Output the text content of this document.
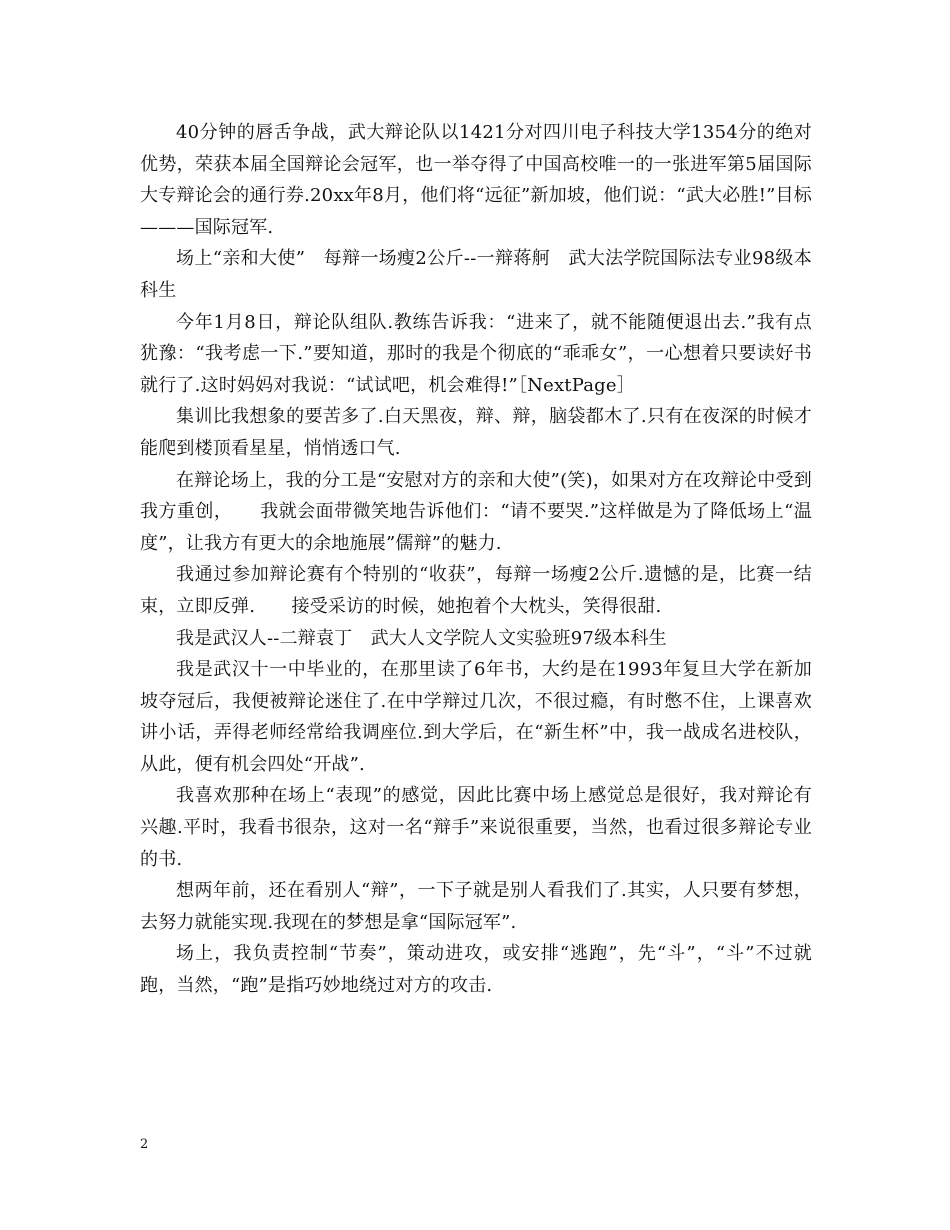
40分钟的唇舌争战，武大辩论队以1421分对四川电子科技大学1354分的绝对优势，荣获本届全国辩论会冠军，也一举夺得了中国高校唯一的一张进军第5届国际大专辩论会的通行券.20xx年8月，他们将“远征”新加坡，他们说：“武大必胜!”目标———国际冠军.

场上“亲和大使”　每辩一场瘦2公斤--一辩蒋舸　武大法学院国际法专业98级本科生

今年1月8日，辩论队组队.教练告诉我：“进来了，就不能随便退出去.”我有点犹豫：“我考虑一下.”要知道，那时的我是个彻底的“乖乖女”，一心想着只要读好书就行了.这时妈妈对我说：“试试吧，机会难得!”［NextPage］

集训比我想象的要苦多了.白天黑夜，辩、辩，脑袋都木了.只有在夜深的时候才能爬到楼顶看星星，悄悄透口气.

在辩论场上，我的分工是“安慰对方的亲和大使”(笑)，如果对方在攻辩论中受到我方重创，　　我就会面带微笑地告诉他们：“请不要哭.”这样做是为了降低场上“温度”，让我方有更大的余地施展”儒辩”的魅力.

我通过参加辩论赛有个特别的“收获”，每辩一场瘦2公斤.遗憾的是，比赛一结束，立即反弹.　　接受采访的时候，她抱着个大枕头，笑得很甜.

我是武汉人--二辩袁丁　武大人文学院人文实验班97级本科生

我是武汉十一中毕业的，在那里读了6年书，大约是在1993年复旦大学在新加坡夺冠后，我便被辩论迷住了.在中学辩过几次，不很过瘾，有时憋不住，上课喜欢讲小话，弄得老师经常给我调座位.到大学后，在“新生杯”中，我一战成名进校队，从此，便有机会四处“开战”.

我喜欢那种在场上“表现”的感觉，因此比赛中场上感觉总是很好，我对辩论有兴趣.平时，我看书很杂，这对一名“辩手”来说很重要，当然，也看过很多辩论专业的书.

想两年前，还在看别人“辩”，一下子就是别人看我们了.其实，人只要有梦想，去努力就能实现.我现在的梦想是拿“国际冠军”.

场上，我负责控制“节奏”，策动进攻，或安排“逃跑”，先“斗”，“斗”不过就跑，当然，“跑”是指巧妙地绕过对方的攻击.

2
